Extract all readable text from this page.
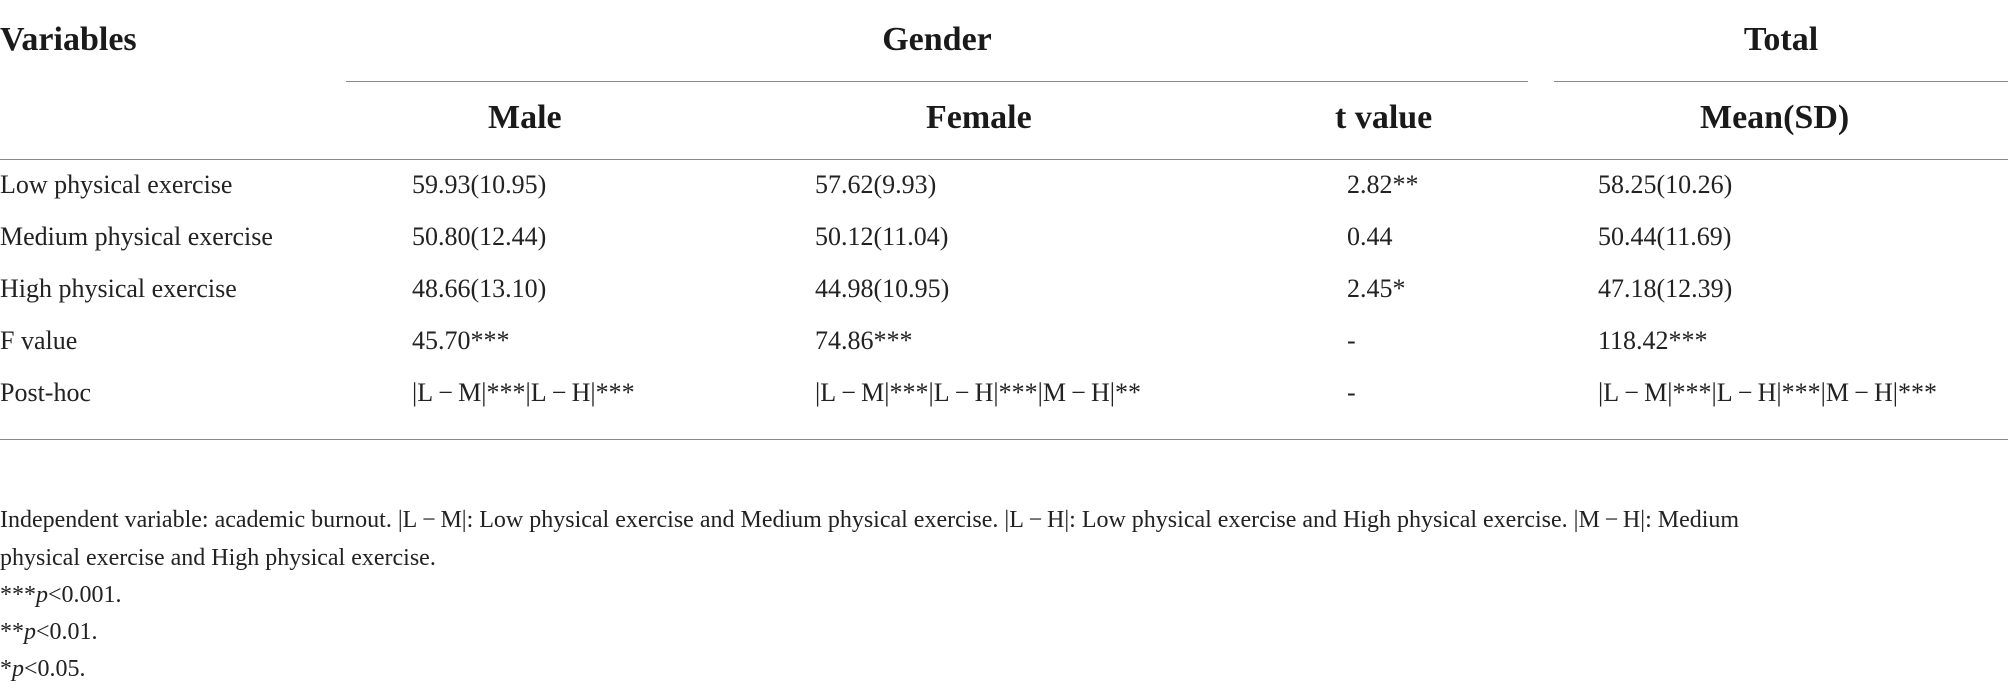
Variables	Gender	Total
Male	Female	t value	Mean(SD)
Low physical exercise	59.93(10.95)	57.62(9.93)	2.82**	58.25(10.26)
Medium physical exercise	50.80(12.44)	50.12(11.04)	0.44	50.44(11.69)
High physical exercise	48.66(13.10)	44.98(10.95)	2.45*	47.18(12.39)
F value	45.70***	74.86***	-	118.42***
Post-hoc	|L − M|***|L − H|***	|L − M|***|L − H|***|M − H|**	-	|L − M|***|L − H|***|M − H|***
Independent variable: academic burnout. |L − M|: Low physical exercise and Medium physical exercise. |L − H|: Low physical exercise and High physical exercise. |M − H|: Medium
physical exercise and High physical exercise.
***p<0.001.
**p<0.01.
*p<0.05.
